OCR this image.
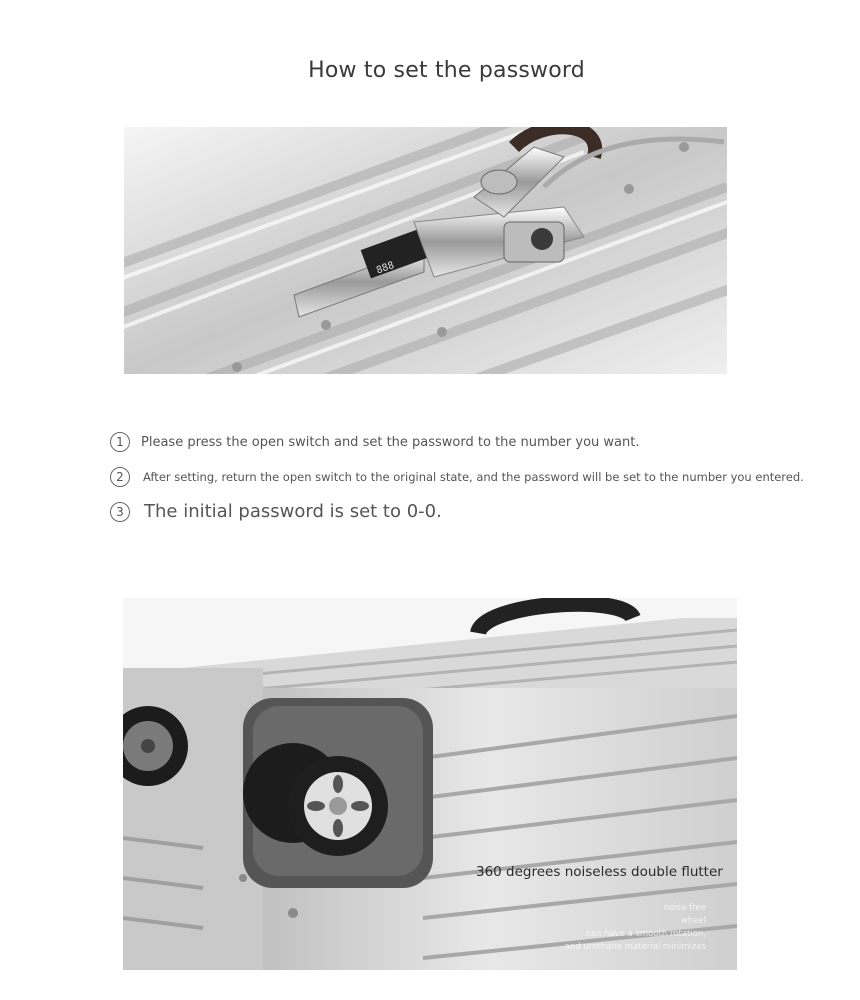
How to set the password
888
1	Please press the open switch and set the password to the number you want.
2	After setting, return the open switch to the original state, and the password will be set to the number you entered.
3	The initial password is set to 0-0.
360 degrees noiseless double flutter
noise-free
wheel
can have a smooth rotation,
and urethane material minimizes
